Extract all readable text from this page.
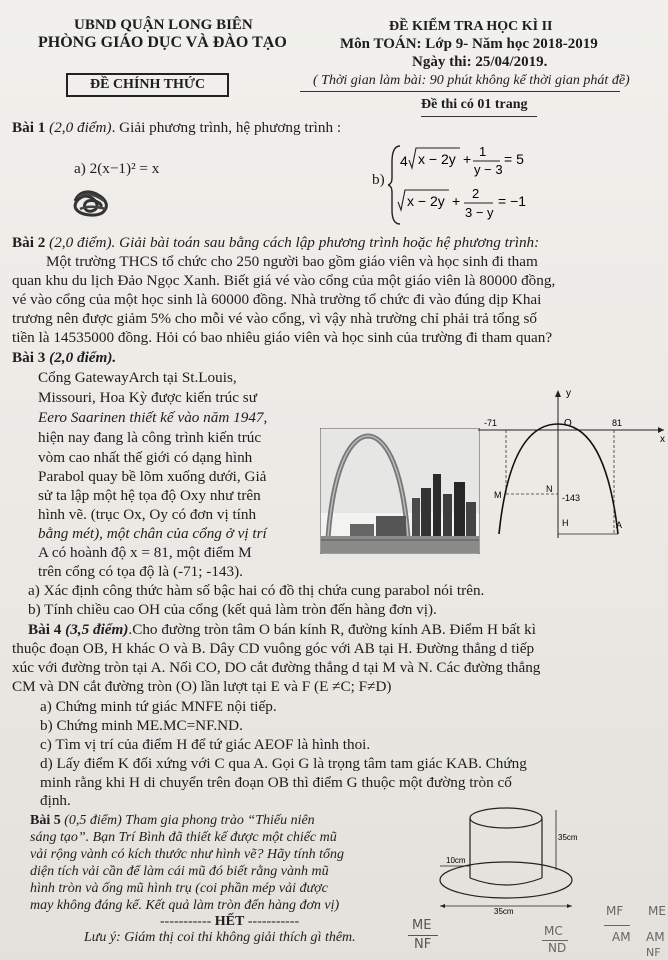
UBND QUẬN LONG BIÊN
PHÒNG GIÁO DỤC VÀ ĐÀO TẠO
ĐỀ CHÍNH THỨC
ĐỀ KIỂM TRA HỌC KÌ II
Môn TOÁN: Lớp 9- Năm học 2018-2019
Ngày thi: 25/04/2019.
( Thời gian làm bài: 90 phút không kể thời gian phát đề)
Đề thi có 01 trang
Bài 1 (2,0 điểm). Giải phương trình, hệ phương trình :
a) 2(x−1)² = x
b)
4 x − 2y + 1
y − 3
= 5
x − 2y + 2
3 − y
= −1
Bài 2 (2,0 điểm). Giải bài toán sau bằng cách lập phương trình hoặc hệ phương trình:
Một trường THCS tổ chức cho 250 người bao gồm giáo viên và học sinh đi tham
quan khu du lịch Đảo Ngọc Xanh. Biết giá vé vào cổng của một giáo viên là 80000 đồng,
vé vào cổng của một học sinh là 60000 đồng. Nhà trường tổ chức đi vào đúng dịp Khai
trương nên được giảm 5% cho mỗi vé vào cổng, vì vậy nhà trường chỉ phải trả tổng số
tiền là 14535000 đồng. Hỏi có bao nhiêu giáo viên và học sinh của trường đi tham quan?
Bài 3 (2,0 điểm).
Cổng GatewayArch tại St.Louis,
Missouri, Hoa Kỳ được kiến trúc sư
Eero Saarinen thiết kế vào năm 1947,
hiện nay đang là công trình kiến trúc
vòm cao nhất thế giới có dạng hình
Parabol quay bề lõm xuống dưới, Giả
sử ta lập một hệ tọa độ Oxy như trên
hình vẽ. (trục Ox, Oy có đơn vị tính
bằng mét), một chân của cổng ở vị trí
A có hoành độ x = 81, một điểm M
trên cổng có tọa độ là (-71; -143).
a) Xác định công thức hàm số bậc hai có đồ thị chứa cung parabol nói trên.
b) Tính chiều cao OH của cổng (kết quả làm tròn đến hàng đơn vị).
y
x
O
-71	81
M
N
-143
H	A
Bài 4 (3,5 điểm).Cho đường tròn tâm O bán kính R, đường kính AB. Điểm H bất kì
thuộc đoạn OB, H khác O và B. Dây CD vuông góc với AB tại H. Đường thẳng d tiếp
xúc với đường tròn tại A. Nối CO, DO cắt đường thẳng d tại M và N. Các đường thẳng
CM và DN cắt đường tròn (O) lần lượt tại E và F (E ≠C; F≠D)
a) Chứng minh tứ giác MNFE nội tiếp.
b) Chứng minh ME.MC=NF.ND.
c) Tìm vị trí của điểm H để tứ giác AEOF là hình thoi.
d) Lấy điểm K đối xứng với C qua A. Gọi G là trọng tâm tam giác KAB. Chứng
minh rằng khi H di chuyển trên đoạn OB thì điểm G thuộc một đường tròn cố
định.
Bài 5 (0,5 điểm) Tham gia phong trào “Thiếu niên
sáng tạo”. Bạn Trí Bình đã thiết kế được một chiếc mũ
vải rộng vành có kích thước như hình vẽ? Hãy tính tổng
diện tích vải cần để làm cái mũ đó biết rằng vành mũ
hình tròn và ống mũ hình trụ (coi phần mép vải được
may không đáng kể. Kết quả làm tròn đến hàng đơn vị)
10cm
35cm
35cm
----------- HẾT -----------
Lưu ý: Giám thị coi thi không giải thích gì thêm.
ME
NF
MC
ND
MF
AM
ME
AM
NF
